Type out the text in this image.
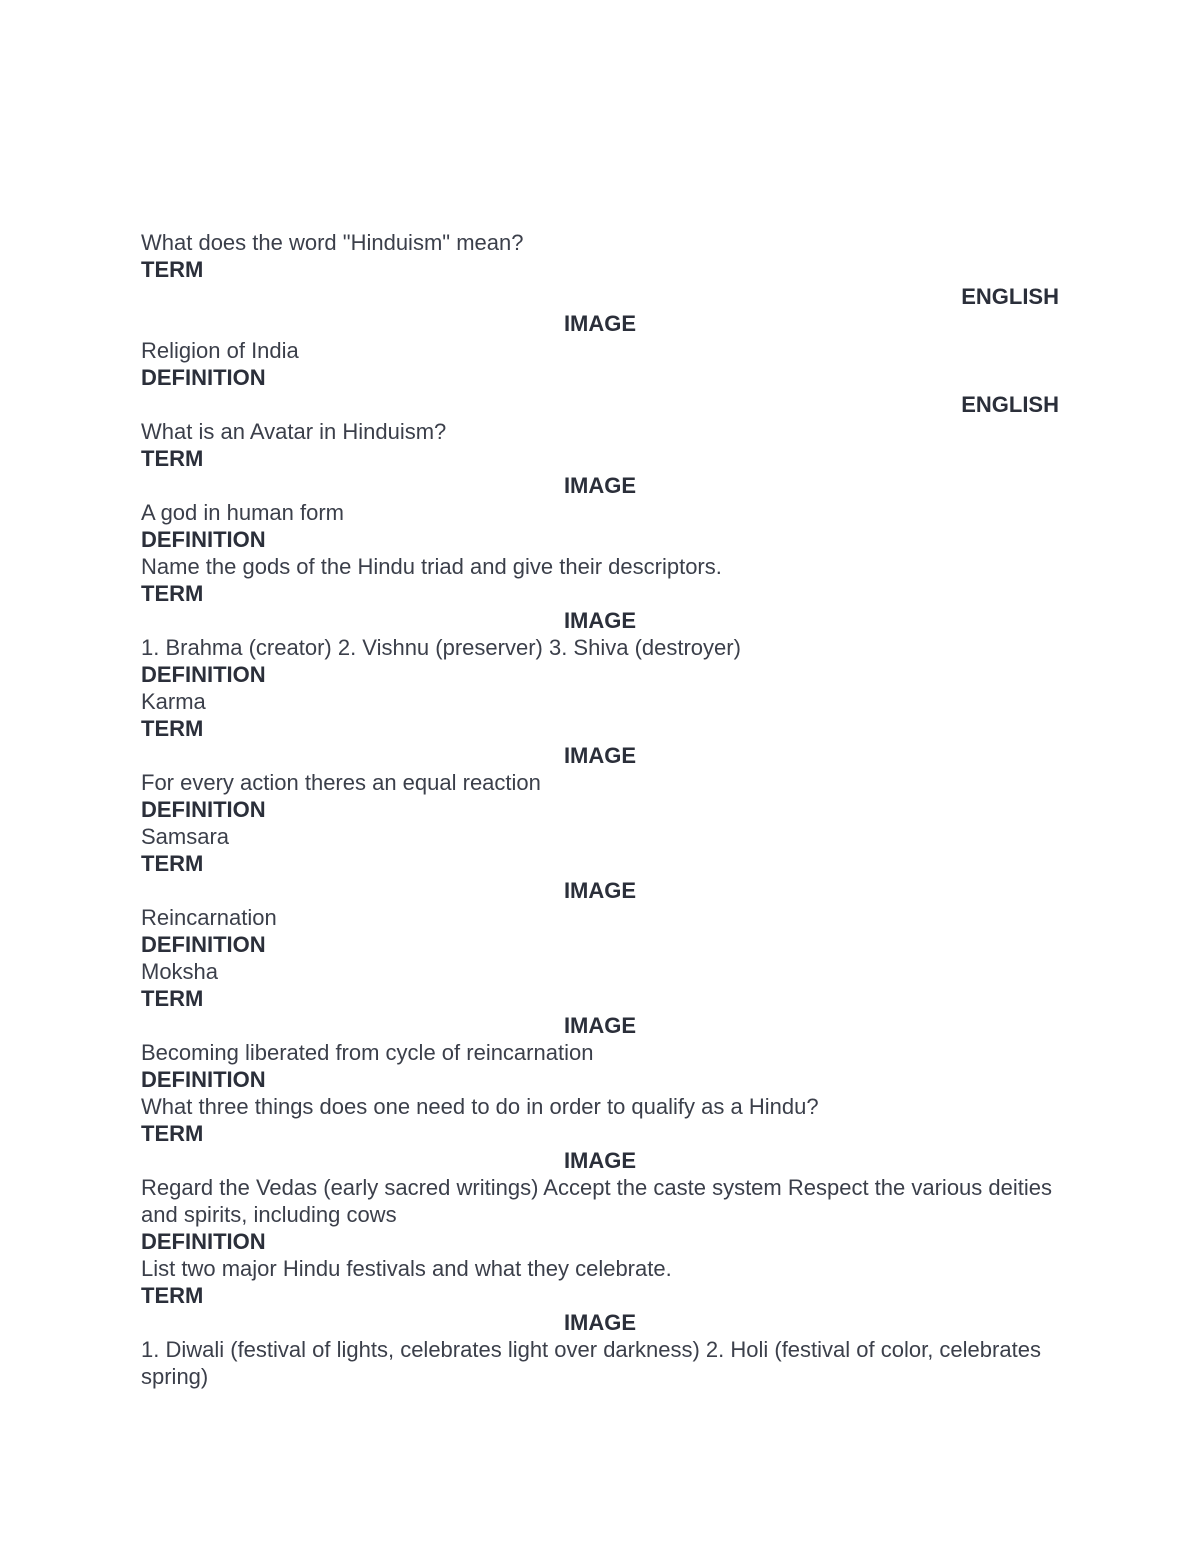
What does the word "Hinduism" mean?
TERM
ENGLISH
IMAGE
Religion of India
DEFINITION
ENGLISH
What is an Avatar in Hinduism?
TERM
IMAGE
A god in human form
DEFINITION
Name the gods of the Hindu triad and give their descriptors.
TERM
IMAGE
1. Brahma (creator) 2. Vishnu (preserver) 3. Shiva (destroyer)
DEFINITION
Karma
TERM
IMAGE
For every action theres an equal reaction
DEFINITION
Samsara
TERM
IMAGE
Reincarnation
DEFINITION
Moksha
TERM
IMAGE
Becoming liberated from cycle of reincarnation
DEFINITION
What three things does one need to do in order to qualify as a Hindu?
TERM
IMAGE
Regard the Vedas (early sacred writings) Accept the caste system Respect the various deities and spirits, including cows
DEFINITION
List two major Hindu festivals and what they celebrate.
TERM
IMAGE
1. Diwali (festival of lights, celebrates light over darkness) 2. Holi (festival of color, celebrates spring)
